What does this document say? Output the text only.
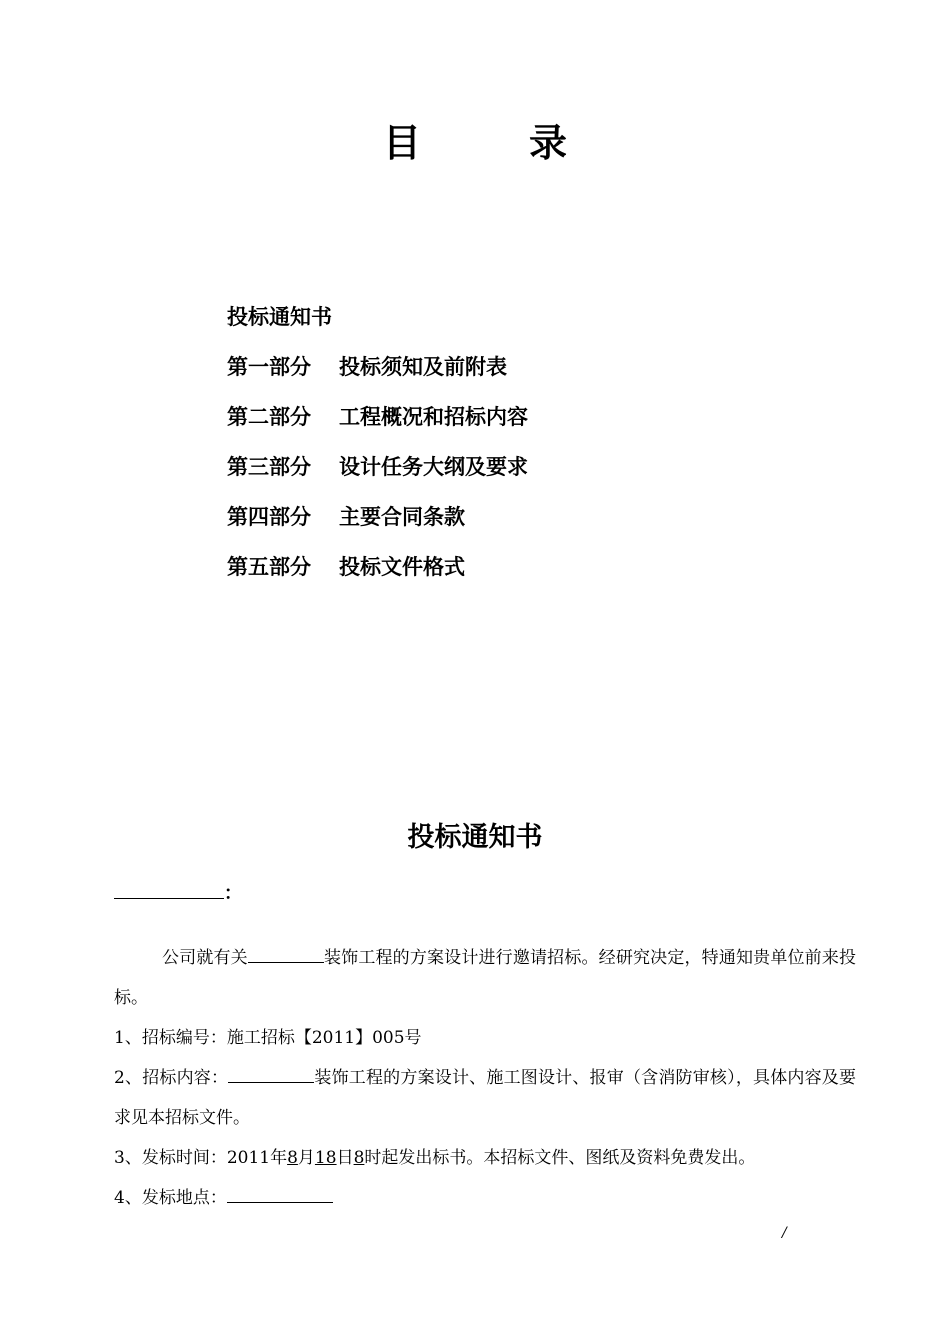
目	录
投标通知书
第一部分 投标须知及前附表
第二部分 工程概况和招标内容
第三部分 设计任务大纲及要求
第四部分 主要合同条款
第五部分 投标文件格式
投标通知书
：

公司就有关	装饰工程的方案设计进行邀请招标。经研究决定，特通知贵单位前来投标。

1、招标编号：施工招标【2011】005号

2、招标内容：	装饰工程的方案设计、施工图设计、报审（含消防审核），具体内容及要求见本招标文件。

3、发标时间：2011年8月18日8时起发出标书。本招标文件、图纸及资料免费发出。

4、发标地点：

/
